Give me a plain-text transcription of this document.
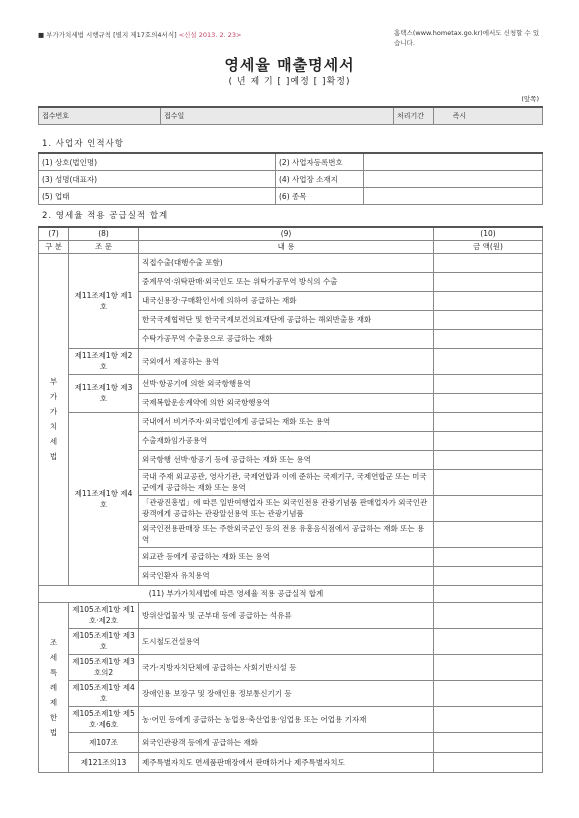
■ 부가가치세법 시행규칙 [별지 제17호의4서식] <신설 2013. 2. 23>	홈택스(www.hometax.go.kr)에서도 신청할 수 있습니다.
영세율 매출명세서
( 년 제 기 [ ]예정 [ ]확정)
(앞쪽)
접수번호	접수일	처리기간	즉시
1. 사업자 인적사항
(1) 상호(법인명)	(2) 사업자등록번호	
(3) 성명(대표자)	(4) 사업장 소재지	
(5) 업태	(6) 종목	
2. 영세율 적용 공급실적 합계
(7)	(8)	(9)	(10)
구 분	조 문	내 용	금 액(원)

부가가치세법	제11조제1항 제1호	직접수출(대행수출 포함)	
		중계무역·위탁판매·외국인도 또는 위탁가공무역 방식의 수출	
		내국신용장·구매확인서에 의하여 공급하는 재화	
		한국국제협력단 및 한국국제보건의료재단에 공급하는 해외반출용 재화	
		수탁가공무역 수출용으로 공급하는 재화	
	제11조제1항 제2호	국외에서 제공하는 용역	
	제11조제1항 제3호	선박·항공기에 의한 외국항행용역	
		국제복합운송계약에 의한 외국항행용역	
	제11조제1항 제4호	국내에서 비거주자·외국법인에게 공급되는 재화 또는 용역	
		수출재화임가공용역	
		외국항행 선박·항공기 등에 공급하는 재화 또는 용역	
		국내 주재 외교공관, 영사기관, 국제연합과 이에 준하는 국제기구, 국제연합군 또는 미국군에게 공급하는 재화 또는 용역	
		「관광진흥법」에 따른 일반여행업자 또는 외국인전용 관광기념품 판매업자가 외국인관광객에게 공급하는 관광알선용역 또는 관광기념품	
		외국인전용판매장 또는 주한외국군인 등의 전용 유흥음식점에서 공급하는 재화 또는 용역	
		외교관 등에게 공급하는 재화 또는 용역	
		외국인환자 유치용역	
(11) 부가가치세법에 따른 영세율 적용 공급실적 합계			

조세특례제한법	제105조제1항 제1호·제2호	방위산업물자 및 군부대 등에 공급하는 석유류	
	제105조제1항 제3호	도시철도건설용역	
	제105조제1항 제3호의2	국가·지방자치단체에 공급하는 사회기반시설 등	
	제105조제1항 제4호	장애인용 보장구 및 장애인용 정보통신기기 등	
	제105조제1항 제5호·제6호	농·어민 등에게 공급하는 농업용·축산업용·임업용 또는 어업용 기자재	
	제107조	외국인관광객 등에게 공급하는 재화	
	제121조의13	제주특별자치도 면세품판매장에서 판매하거나 제주특별자치도	
